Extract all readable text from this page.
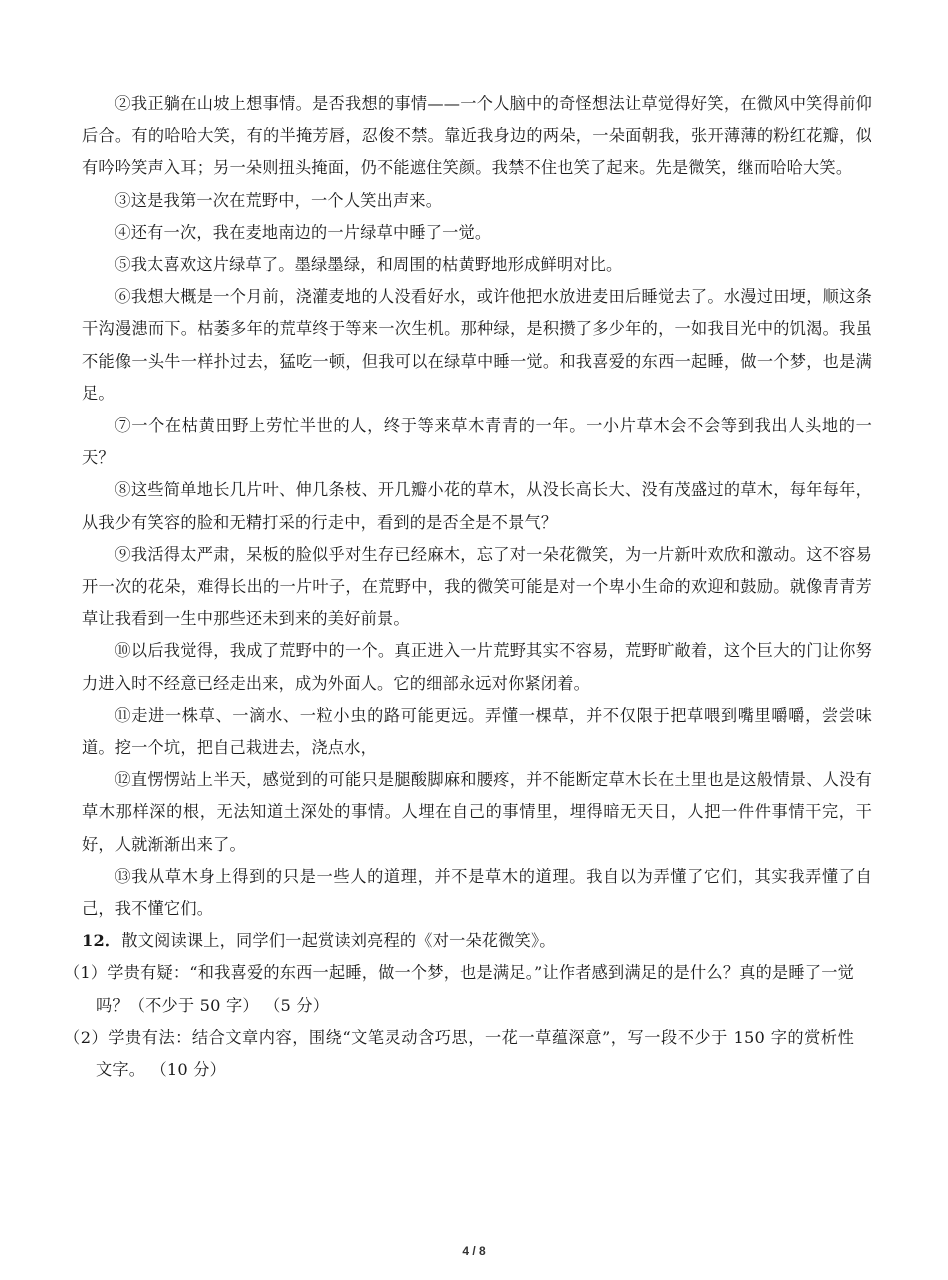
②我正躺在山坡上想事情。是否我想的事情——一个人脑中的奇怪想法让草觉得好笑，在微风中笑得前仰后合。有的哈哈大笑，有的半掩芳唇，忍俊不禁。靠近我身边的两朵，一朵面朝我，张开薄薄的粉红花瓣，似有吟吟笑声入耳；另一朵则扭头掩面，仍不能遮住笑颜。我禁不住也笑了起来。先是微笑，继而哈哈大笑。

③这是我第一次在荒野中，一个人笑出声来。

④还有一次，我在麦地南边的一片绿草中睡了一觉。

⑤我太喜欢这片绿草了。墨绿墨绿，和周围的枯黄野地形成鲜明对比。

⑥我想大概是一个月前，浇灌麦地的人没看好水，或许他把水放进麦田后睡觉去了。水漫过田埂，顺这条干沟漫漶而下。枯萎多年的荒草终于等来一次生机。那种绿，是积攒了多少年的，一如我目光中的饥渴。我虽不能像一头牛一样扑过去，猛吃一顿，但我可以在绿草中睡一觉。和我喜爱的东西一起睡，做一个梦，也是满足。

⑦一个在枯黄田野上劳忙半世的人，终于等来草木青青的一年。一小片草木会不会等到我出人头地的一天？

⑧这些简单地长几片叶、伸几条枝、开几瓣小花的草木，从没长高长大、没有茂盛过的草木，每年每年，从我少有笑容的脸和无精打采的行走中，看到的是否全是不景气？

⑨我活得太严肃，呆板的脸似乎对生存已经麻木，忘了对一朵花微笑，为一片新叶欢欣和激动。这不容易开一次的花朵，难得长出的一片叶子，在荒野中，我的微笑可能是对一个卑小生命的欢迎和鼓励。就像青青芳草让我看到一生中那些还未到来的美好前景。

⑩以后我觉得，我成了荒野中的一个。真正进入一片荒野其实不容易，荒野旷敞着，这个巨大的门让你努力进入时不经意已经走出来，成为外面人。它的细部永远对你紧闭着。

⑪走进一株草、一滴水、一粒小虫的路可能更远。弄懂一棵草，并不仅限于把草喂到嘴里嚼嚼，尝尝味道。挖一个坑，把自己栽进去，浇点水，

⑫直愣愣站上半天，感觉到的可能只是腿酸脚麻和腰疼，并不能断定草木长在土里也是这般情景、人没有草木那样深的根，无法知道土深处的事情。人埋在自己的事情里，埋得暗无天日，人把一件件事情干完，干好，人就渐渐出来了。

⑬我从草木身上得到的只是一些人的道理，并不是草木的道理。我自以为弄懂了它们，其实我弄懂了自己，我不懂它们。

12．散文阅读课上，同学们一起赏读刘亮程的《对一朵花微笑》。

（1）学贵有疑：“和我喜爱的东西一起睡，做一个梦，也是满足。”让作者感到满足的是什么？真的是睡了一觉吗？（不少于 50 字） （5 分）

（2）学贵有法：结合文章内容，围绕“文笔灵动含巧思，一花一草蕴深意”，写一段不少于 150 字的赏析性文字。 （10 分）

4 / 8
